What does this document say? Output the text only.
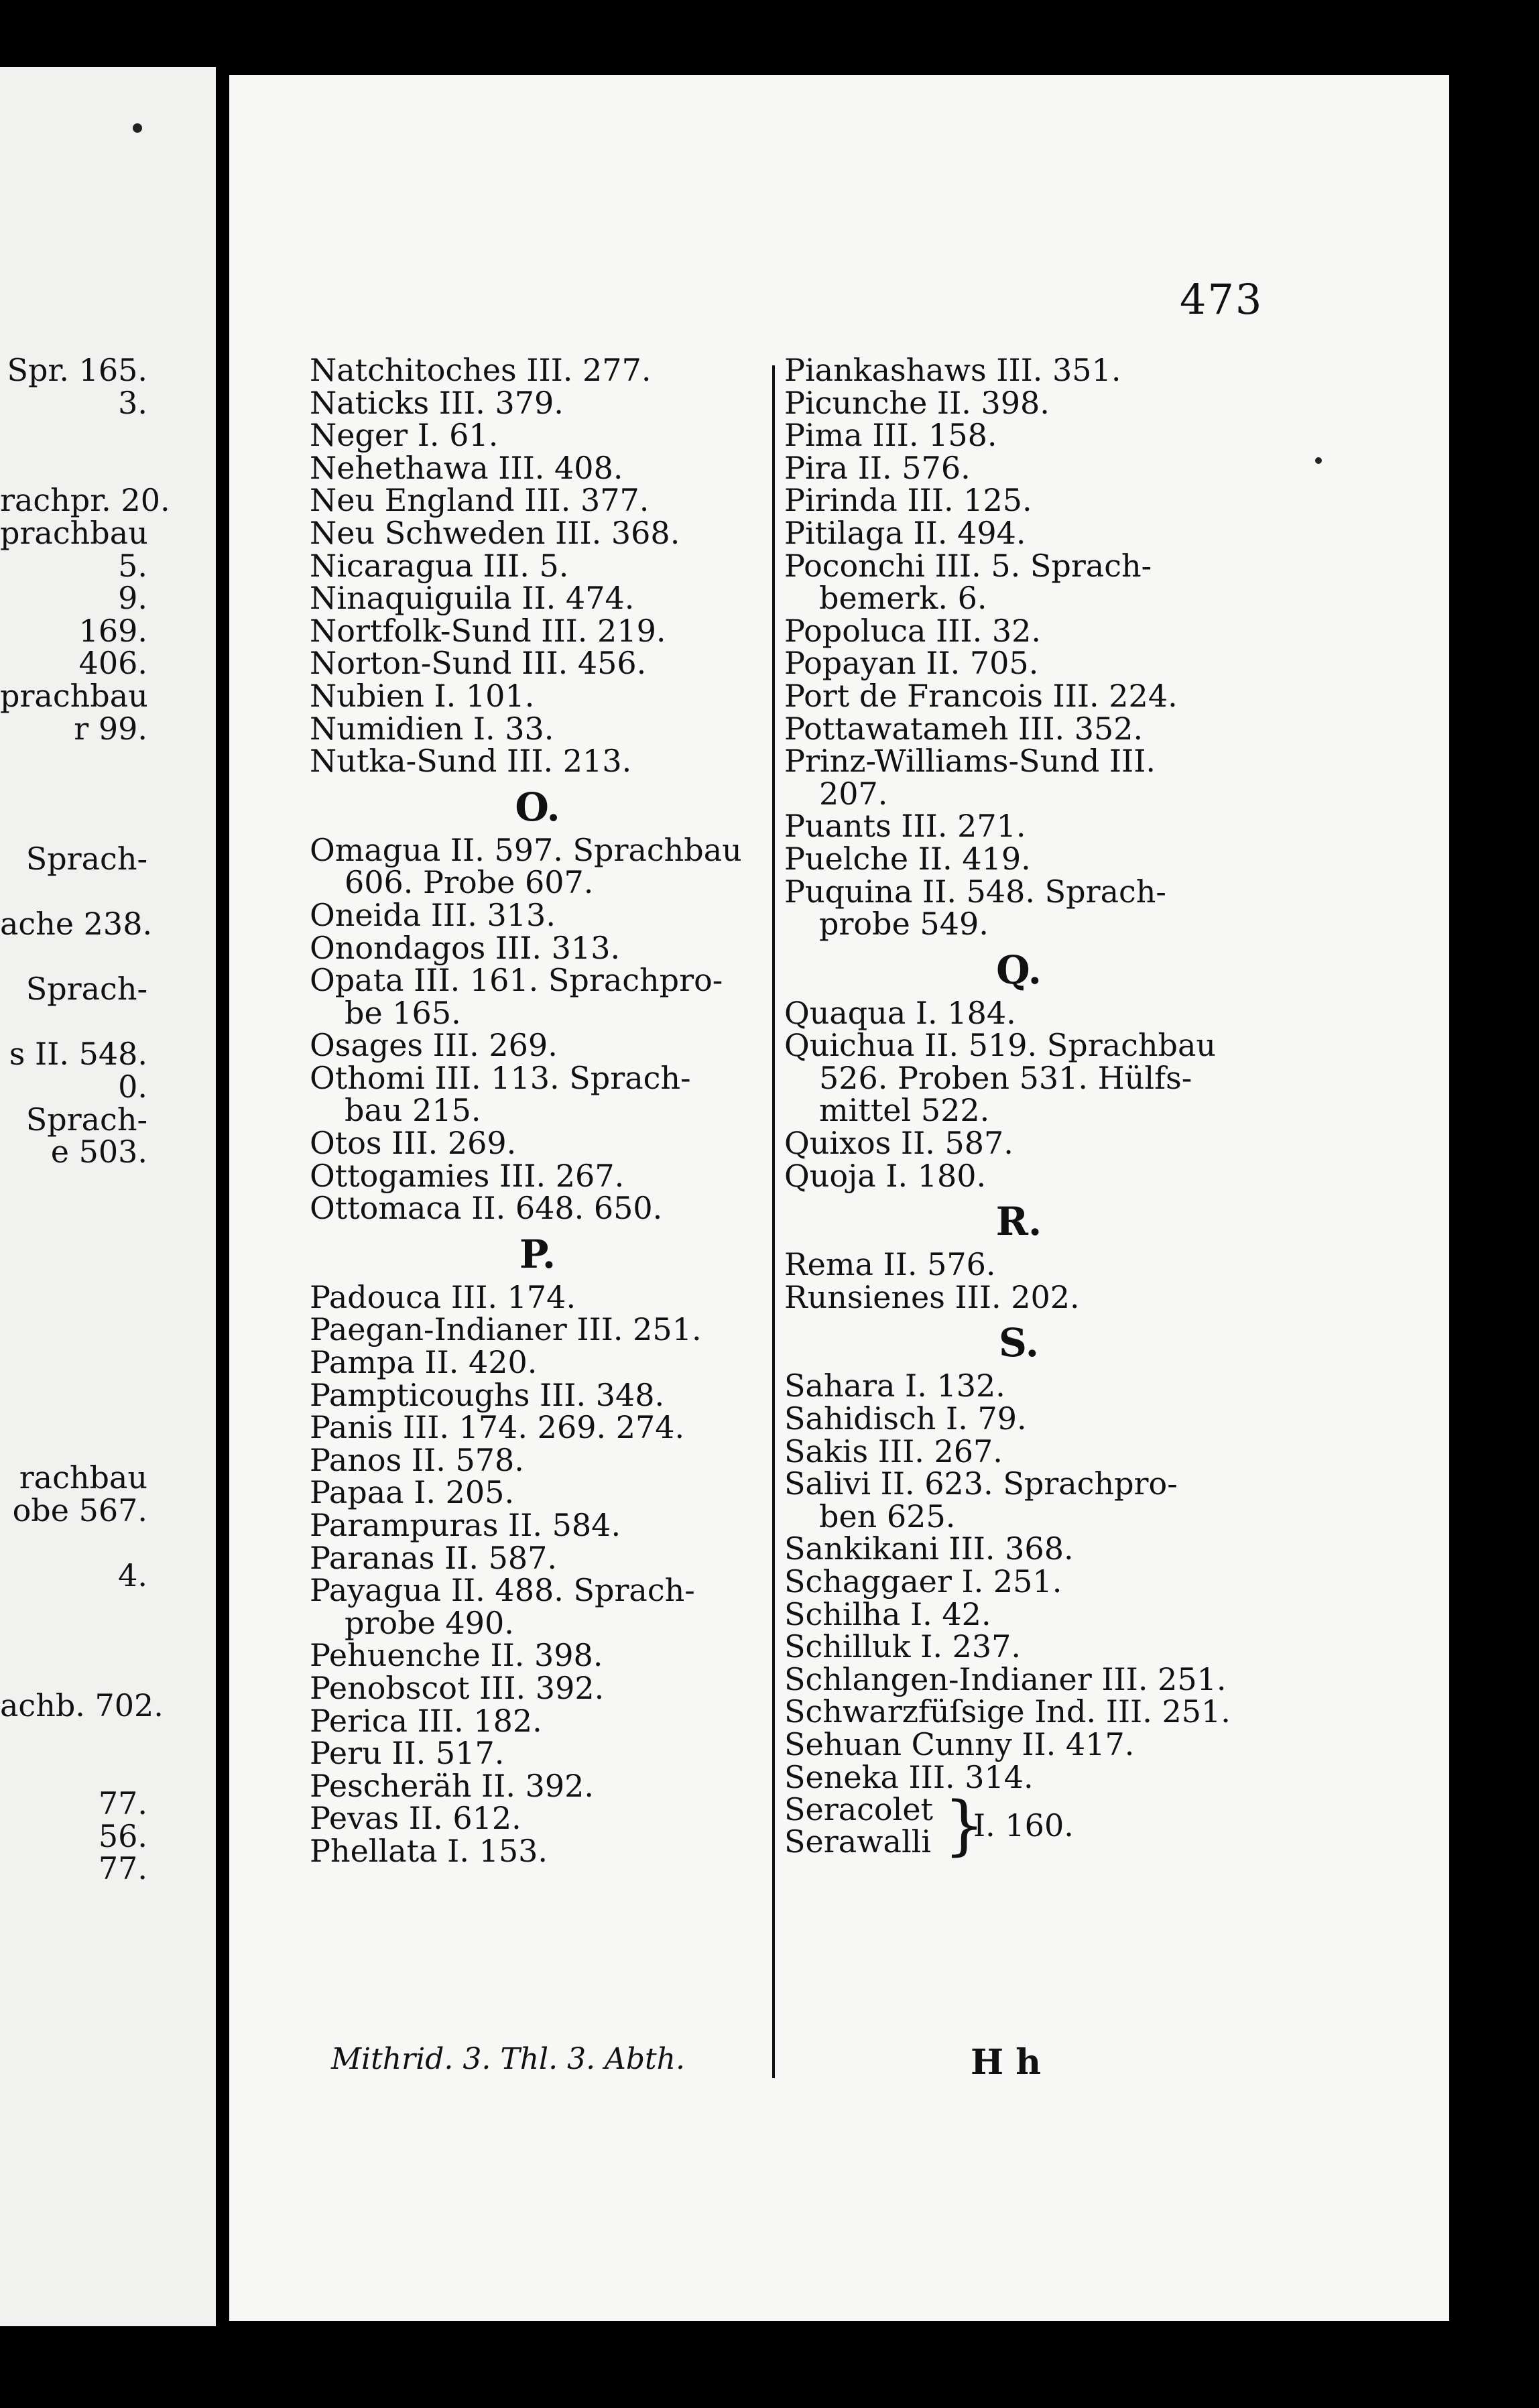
Spr. 165.
3.
rachpr. 20.
prachbau
5.
9.
169.
406.
prachbau
r 99.
Sprach-
ache 238.
Sprach-
s II. 548.
0.
Sprach-
e 503.
rachbau
obe 567.
4.
achb. 702.
77.
56.
77.
473
Natchitoches III. 277.
Naticks III. 379.
Neger I. 61.
Nehethawa III. 408.
Neu England III. 377.
Neu Schweden III. 368.
Nicaragua III. 5.
Ninaquiguila II. 474.
Nortfolk-Sund III. 219.
Norton-Sund III. 456.
Nubien I. 101.
Numidien I. 33.
Nutka-Sund III. 213.
O.
Omagua II. 597. Sprachbau
606. Probe 607.
Oneida III. 313.
Onondagos III. 313.
Opata III. 161. Sprachpro-
be 165.
Osages III. 269.
Othomi III. 113. Sprach-
bau 215.
Otos III. 269.
Ottogamies III. 267.
Ottomaca II. 648. 650.
P.
Padouca III. 174.
Paegan-Indianer III. 251.
Pampa II. 420.
Pampticoughs III. 348.
Panis III. 174. 269. 274.
Panos II. 578.
Papaa I. 205.
Parampuras II. 584.
Paranas II. 587.
Payagua II. 488. Sprach-
probe 490.
Pehuenche II. 398.
Penobscot III. 392.
Perica III. 182.
Peru II. 517.
Pescheräh II. 392.
Pevas II. 612.
Phellata I. 153.
Piankashaws III. 351.
Picunche II. 398.
Pima III. 158.
Pira II. 576.
Pirinda III. 125.
Pitilaga II. 494.
Poconchi III. 5. Sprach-
bemerk. 6.
Popoluca III. 32.
Popayan II. 705.
Port de Francois III. 224.
Pottawatameh III. 352.
Prinz-Williams-Sund III.
207.
Puants III. 271.
Puelche II. 419.
Puquina II. 548. Sprach-
probe 549.
Q.
Quaqua I. 184.
Quichua II. 519. Sprachbau
526. Proben 531. Hülfs-
mittel 522.
Quixos II. 587.
Quoja I. 180.
R.
Rema II. 576.
Runsienes III. 202.
S.
Sahara I. 132.
Sahidisch I. 79.
Sakis III. 267.
Salivi II. 623. Sprachpro-
ben 625.
Sankikani III. 368.
Schaggaer I. 251.
Schilha I. 42.
Schilluk I. 237.
Schlangen-Indianer III. 251.
Schwarzfüſsige Ind. III. 251.
Sehuan Cunny II. 417.
Seneka III. 314.
Seracolet
Serawalli }
I. 160.
Mithrid. 3. Thl. 3. Abth.	H h
